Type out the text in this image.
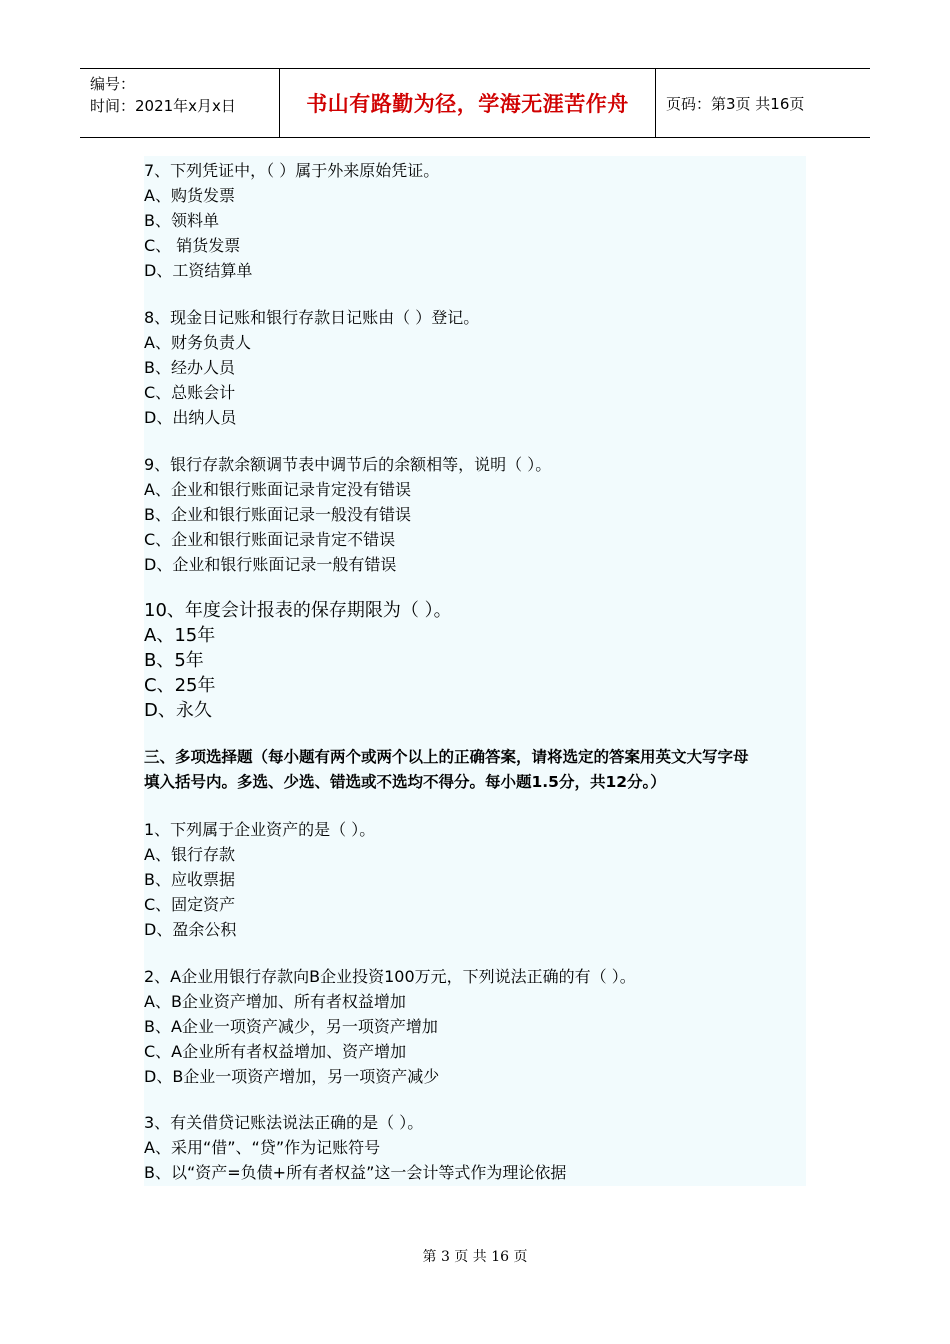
编号：
时间：2021年x月x日	书山有路勤为径，学海无涯苦作舟	页码：第3页 共16页
7、下列凭证中，（ ）属于外来原始凭证。
A、购货发票
B、领料单
C、 销货发票
D、工资结算单
8、现金日记账和银行存款日记账由（ ）登记。
A、财务负责人
B、经办人员
C、总账会计
D、出纳人员
9、银行存款余额调节表中调节后的余额相等，说明（ ）。
A、企业和银行账面记录肯定没有错误
B、企业和银行账面记录一般没有错误
C、企业和银行账面记录肯定不错误
D、企业和银行账面记录一般有错误
10、年度会计报表的保存期限为（ ）。
A、15年
B、5年
C、25年
D、永久
三、多项选择题（每小题有两个或两个以上的正确答案，请将选定的答案用英文大写字母
填入括号内。多选、少选、错选或不选均不得分。每小题1.5分，共12分。）
1、下列属于企业资产的是（ ）。
A、银行存款
B、应收票据
C、固定资产
D、盈余公积
2、A企业用银行存款向B企业投资100万元，下列说法正确的有（ ）。
A、B企业资产增加、所有者权益增加
B、A企业一项资产减少，另一项资产增加
C、A企业所有者权益增加、资产增加
D、B企业一项资产增加，另一项资产减少
3、有关借贷记账法说法正确的是（ ）。
A、采用“借”、“贷”作为记账符号
B、以“资产=负债+所有者权益”这一会计等式作为理论依据
第 3 页 共 16 页
